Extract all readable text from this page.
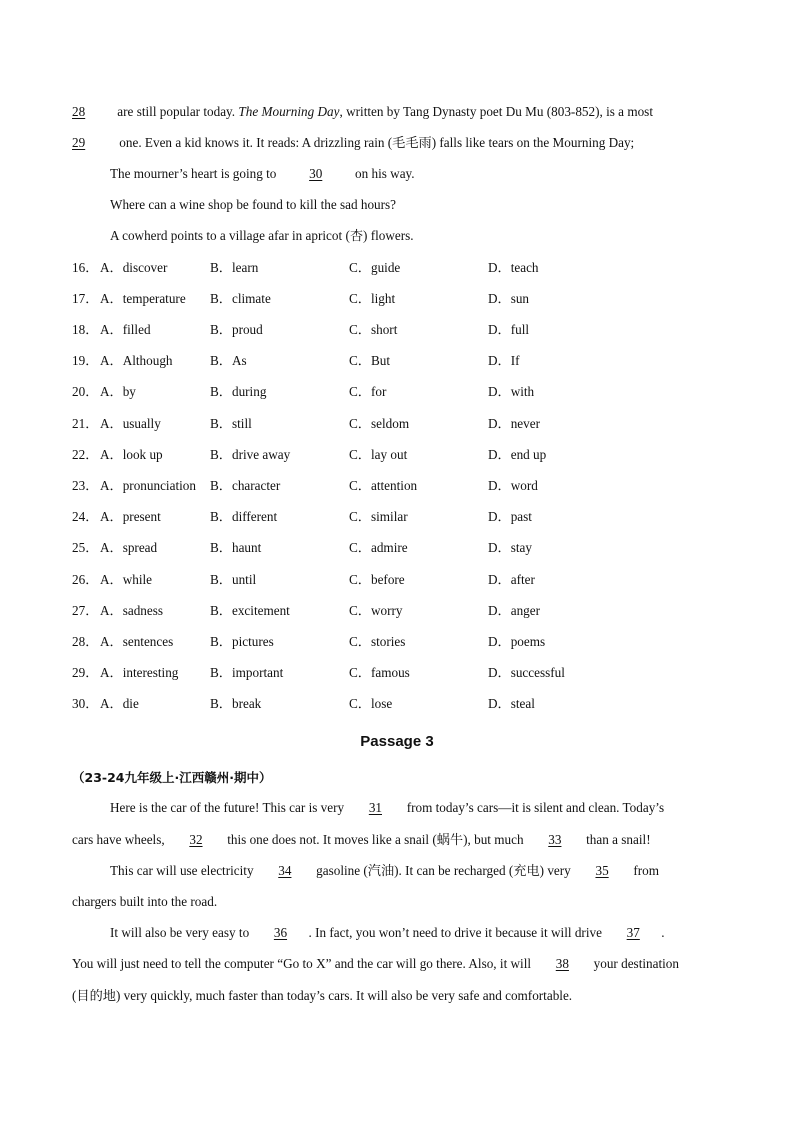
28 are still popular today. The Mourning Day, written by Tang Dynasty poet Du Mu (803-852), is a most
29	one. Even a kid knows it. It reads: A drizzling rain (毛毛雨) falls like tears on the Mourning Day;
The mourner’s heart is going to 30 on his way.
Where can a wine shop be found to kill the sad hours?
A cowherd points to a village afar in apricot (杏) flowers.
16． A．discover	B．learn	C．guide	D．teach
17． A．temperature B．climate	C．light	D．sun
18． A．filled	B．proud	C．short	D．full
19． A．Although	B．As	C．But	D．If
20． A．by	B．during	C．for	D．with
21． A．usually	B．still	C．seldom	D．never
22． A．look up	B．drive away	C．lay out	D．end up
23． A．pronunciation B．character	C．attention	D．word
24． A．present	B．different	C．similar	D．past
25． A．spread	B．haunt	C．admire	D．stay
26． A．while	B．until	C．before	D．after
27． A．sadness	B．excitement	C．worry	D．anger
28． A．sentences	B．pictures	C．stories	D．poems
29． A．interesting B．important	C．famous	D．successful
30． A．die	B．break	C．lose	D．steal
Passage 3
（23-24九年级上·江西赣州·期中）
Here is the car of the future! This car is very 31 from today’s cars—it is silent and clean. Today’s
cars have wheels, 32 this one does not. It moves like a snail (蜗牛), but much 33 than a snail!
This car will use electricity 34 gasoline (汽油). It can be recharged (充电) very 35 from
chargers built into the road.
It will also be very easy to 36 . In fact, you won’t need to drive it because it will drive 37 .
You will just need to tell the computer “Go to X” and the car will go there. Also, it will 38 your destination
(目的地) very quickly, much faster than today’s cars. It will also be very safe and comfortable.
